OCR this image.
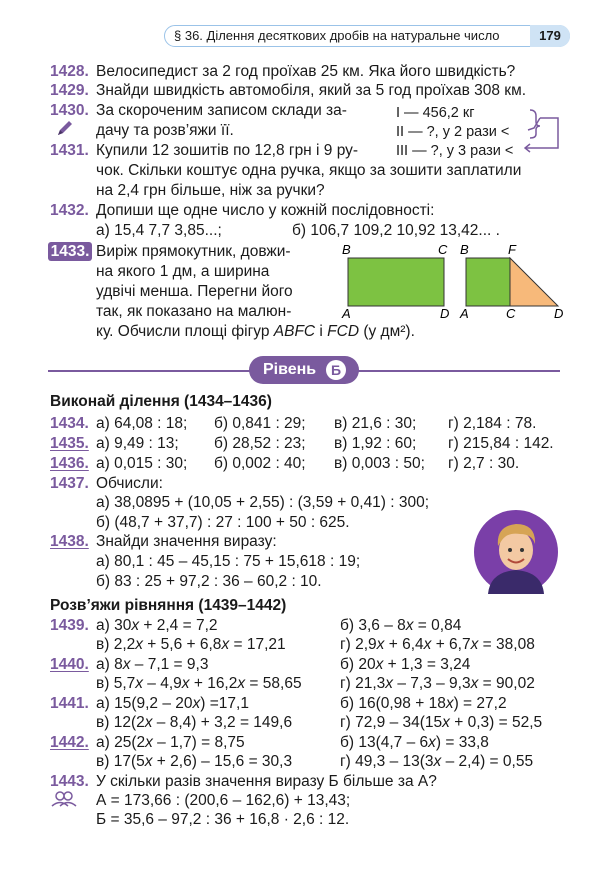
§ 36. Ділення десяткових дробів на натуральне число	179
1428. Велосипедист за 2 год проїхав 25 км. Яка його швидкість?
1429. Знайди швидкість автомобіля, який за 5 год проїхав 308 км.
1430. За скороченим записом склади за-
дачу та розв’яжи її.
I — 456,2 кг
II — ?, у 2 рази <
III — ?, у 3 рази <
1431. Купили 12 зошитів по 12,8 грн і 9 ру-
чок. Скільки коштує одна ручка, якщо за зошити заплатили
на 2,4 грн більше, ніж за ручки?
1432. Допиши ще одне число у кожній послідовності:
а) 15,4 7,7 3,85...;	б) 106,7 109,2 10,92 13,42... .
1433. Виріж прямокутник, довжи-
на якого 1 дм, а ширина
удвічі менша. Перегни його
так, як показано на малюн-
ку. Обчисли площі фігур ABFC і FCD (у дм²).
B	C
A	D
B	F
A	C	D
Рівень	Б
Виконай ділення (1434–1436)
1434. а) 64,08 : 18; б) 0,841 : 29; в) 21,6 : 30; г) 2,184 : 78.
1435. а) 9,49 : 13; б) 28,52 : 23; в) 1,92 : 60; г) 215,84 : 142.
1436. а) 0,015 : 30; б) 0,002 : 40; в) 0,003 : 50; г) 2,7 : 30.
1437. Обчисли:
а) 38,0895 + (10,05 + 2,55) : (3,59 + 0,41) : 300;
б) (48,7 + 37,7) : 27 : 100 + 50 : 625.
1438. Знайди значення виразу:
а) 80,1 : 45 – 45,15 : 75 + 15,618 : 19;
б) 83 : 25 + 97,2 : 36 – 60,2 : 10.
Розв’яжи рівняння (1439–1442)
1439. а) 30x + 2,4 = 7,2	б) 3,6 – 8x = 0,84
в) 2,2x + 5,6 + 6,8x = 17,21	г) 2,9x + 6,4x + 6,7x = 38,08
1440. а) 8x – 7,1 = 9,3	б) 20x + 1,3 = 3,24
в) 5,7x – 4,9x + 16,2x = 58,65 г) 21,3x – 7,3 – 9,3x = 90,02
1441. а) 15(9,2 – 20x) =17,1	б) 16(0,98 + 18x) = 27,2
в) 12(2x – 8,4) + 3,2 = 149,6	г) 72,9 – 34(15x + 0,3) = 52,5
1442. а) 25(2x – 1,7) = 8,75	б) 13(4,7 – 6x) = 33,8
в) 17(5x + 2,6) – 15,6 = 30,3	г) 49,3 – 13(3x – 2,4) = 0,55
1443. У скільки разів значення виразу Б більше за А?
А = 173,66 : (200,6 – 162,6) + 13,43;
Б = 35,6 – 97,2 : 36 + 16,8 · 2,6 : 12.
